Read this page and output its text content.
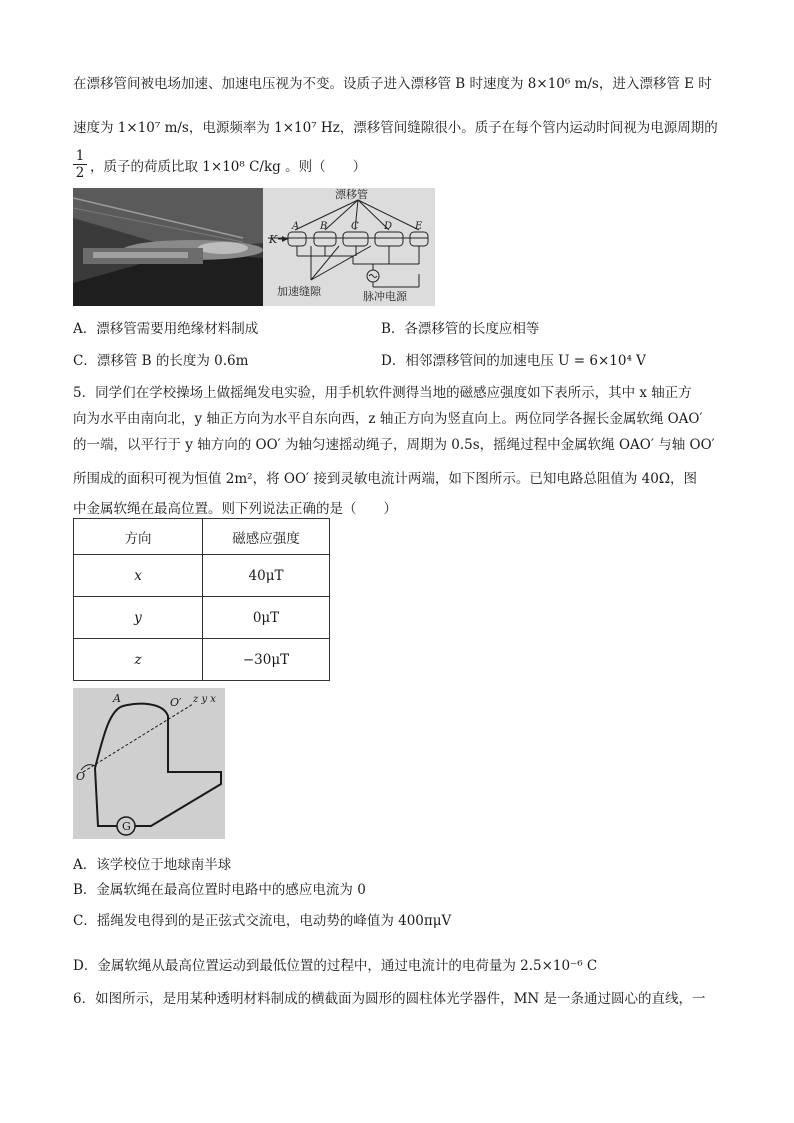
在漂移管间被电场加速、加速电压视为不变。设质子进入漂移管 B 时速度为 8×10⁶ m/s，进入漂移管 E 时
速度为 1×10⁷ m/s，电源频率为 1×10⁷ Hz，漂移管间缝隙很小。质子在每个管内运动时间视为电源周期的
$\frac{1}{2}$ ，质子的荷质比取 1×10⁸ C/kg 。则（　　）
漂移管
K
A B C	D E
加速缝隙	脉冲电源
A．漂移管需要用绝缘材料制成	B．各漂移管的长度应相等
C．漂移管 B 的长度为 0.6m	D．相邻漂移管间的加速电压 U = 6×10⁴ V
5．同学们在学校操场上做摇绳发电实验，用手机软件测得当地的磁感应强度如下表所示，其中 x 轴正方
向为水平由南向北，y 轴正方向为水平自东向西，z 轴正方向为竖直向上。两位同学各握长金属软绳 OAO′
的一端，以平行于 y 轴方向的 OO′ 为轴匀速摇动绳子，周期为 0.5s，摇绳过程中金属软绳 OAO′ 与轴 OO′
所围成的面积可视为恒值 2m²，将 OO′ 接到灵敏电流计两端，如下图所示。已知电路总阻值为 40Ω，图
中金属软绳在最高位置。则下列说法正确的是（　　）
方向	磁感应强度
x	40μT
y	0μT
z	−30μT
G
A
O
O′ z y x
A．该学校位于地球南半球
B．金属软绳在最高位置时电路中的感应电流为 0
C．摇绳发电得到的是正弦式交流电，电动势的峰值为 400πμV
D．金属软绳从最高位置运动到最低位置的过程中，通过电流计的电荷量为 2.5×10⁻⁶ C
6．如图所示，是用某种透明材料制成的横截面为圆形的圆柱体光学器件，MN 是一条通过圆心的直线，一
